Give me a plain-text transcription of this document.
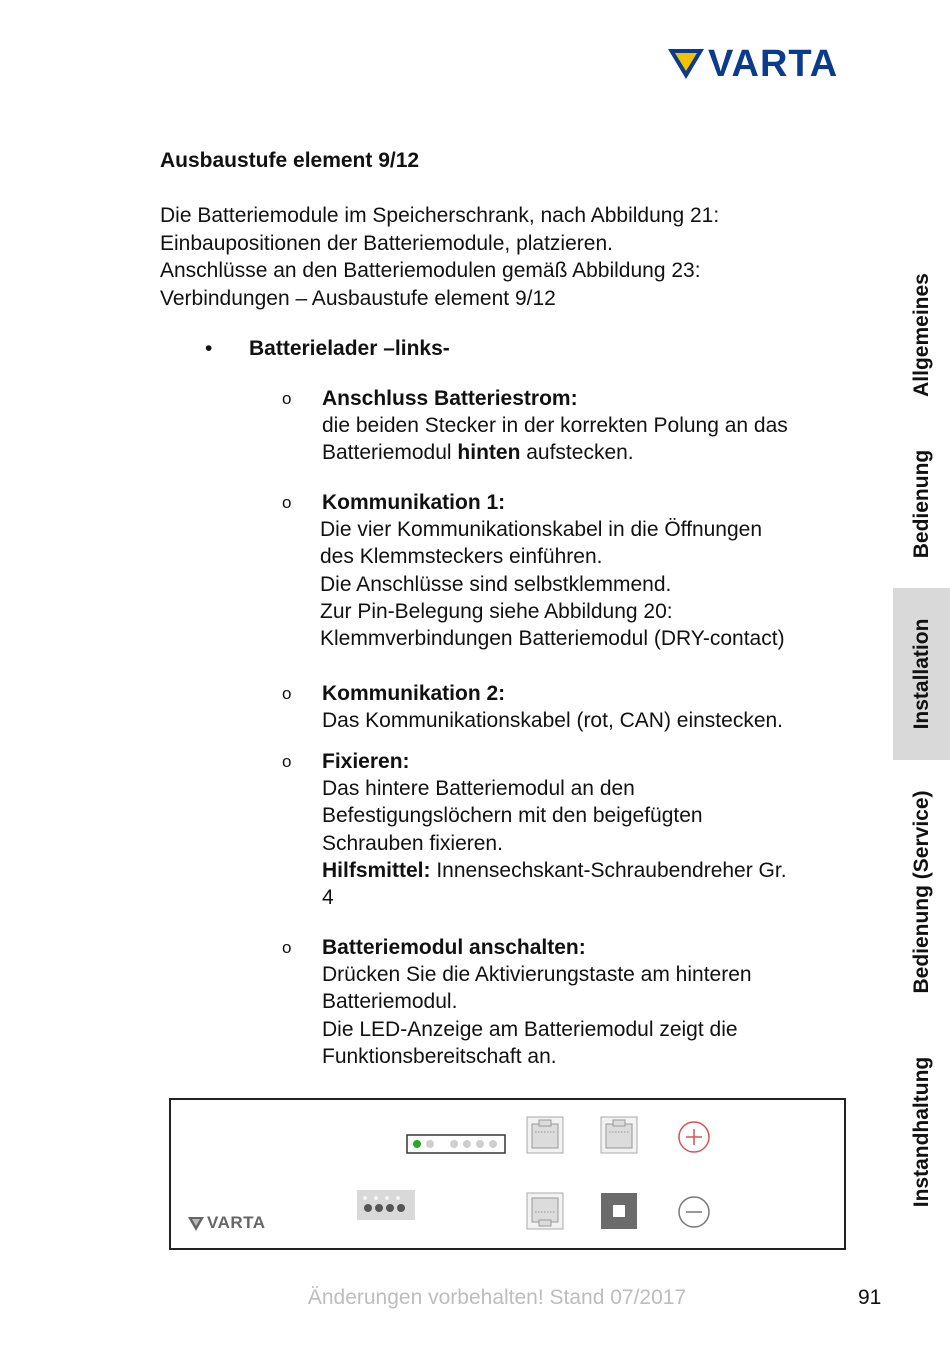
VARTA
Ausbaustufe element 9/12
Die Batteriemodule im Speicherschrank, nach Abbildung 21:
Einbaupositionen der Batteriemodule, platzieren.
Anschlüsse an den Batteriemodulen gemäß Abbildung 23:
Verbindungen – Ausbaustufe element 9/12
• Batterielader –links-
o Anschluss Batteriestrom:
die beiden Stecker in der korrekten Polung an das
Batteriemodul hinten aufstecken.
o Kommunikation 1:
Die vier Kommunikationskabel in die Öffnungen
des Klemmsteckers einführen.
Die Anschlüsse sind selbstklemmend.
Zur Pin-Belegung siehe Abbildung 20:
Klemmverbindungen Batteriemodul (DRY-contact)
o Kommunikation 2:
Das Kommunikationskabel (rot, CAN) einstecken.
o Fixieren:
Das hintere Batteriemodul an den
Befestigungslöchern mit den beigefügten
Schrauben fixieren.
Hilfsmittel: Innensechskant-Schraubendreher Gr.
4
o Batteriemodul anschalten:
Drücken Sie die Aktivierungstaste am hinteren
Batteriemodul.
Die LED-Anzeige am Batteriemodul zeigt die
Funktionsbereitschaft an.
Allgemeines
Bedienung
Installation
Bedienung (Service)
Instandhaltung
VARTA
Änderungen vorbehalten! Stand 07/2017	91
